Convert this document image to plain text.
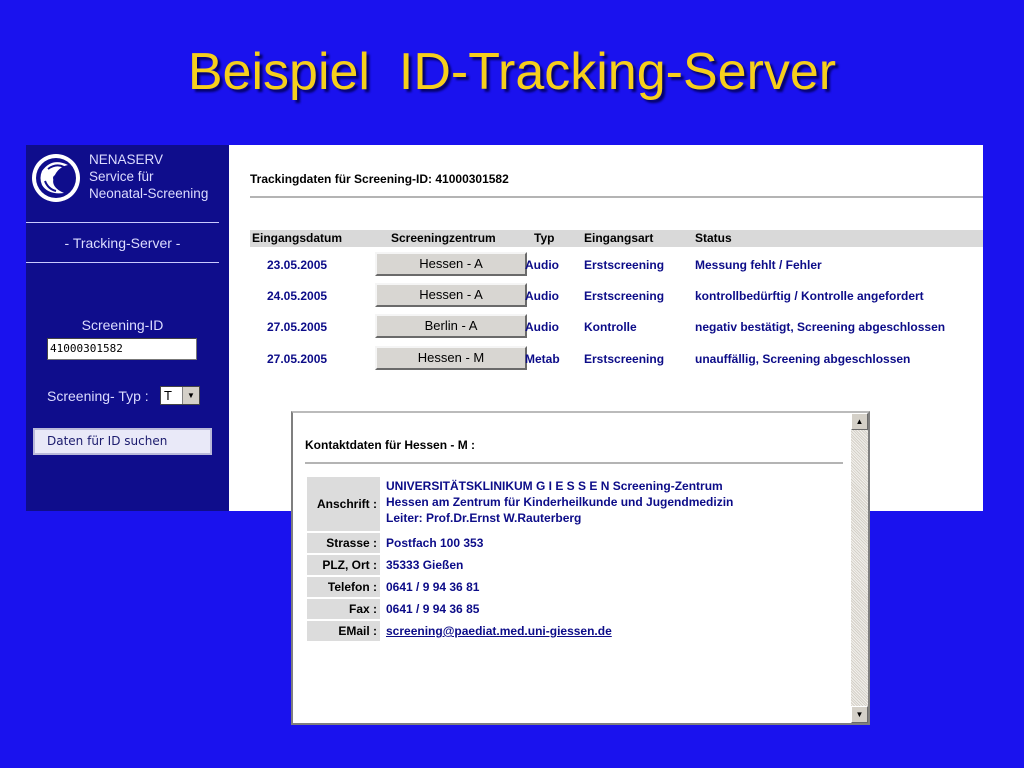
Beispiel  ID-Tracking-Server
NENASERV
Service für
Neonatal-Screening
- Tracking-Server -
Screening-ID
41000301582
Screening- Typ :	T	▼
Daten für ID suchen
Trackingdaten für Screening-ID: 41000301582
Eingangsdatum	Screeningzentrum	Typ Eingangsart	Status
23.05.2005	Hessen - A	Audio Erstscreening	Messung fehlt / Fehler
24.05.2005	Hessen - A	Audio Erstscreening	kontrollbedürftig / Kontrolle angefordert
27.05.2005	Berlin - A	Audio Kontrolle	negativ bestätigt, Screening abgeschlossen
27.05.2005	Hessen - M	Metab Erstscreening	unauffällig, Screening abgeschlossen
Kontaktdaten für Hessen - M :
Anschrift :
UNIVERSITÄTSKLINIKUM G I E S S E N Screening-Zentrum
Hessen am Zentrum für Kinderheilkunde und Jugendmedizin
Leiter: Prof.Dr.Ernst W.Rauterberg
Strasse : Postfach 100 353
PLZ, Ort : 35333 Gießen
Telefon : 0641 / 9 94 36 81
Fax : 0641 / 9 94 36 85
EMail : screening@paediat.med.uni-giessen.de
▲
▼
